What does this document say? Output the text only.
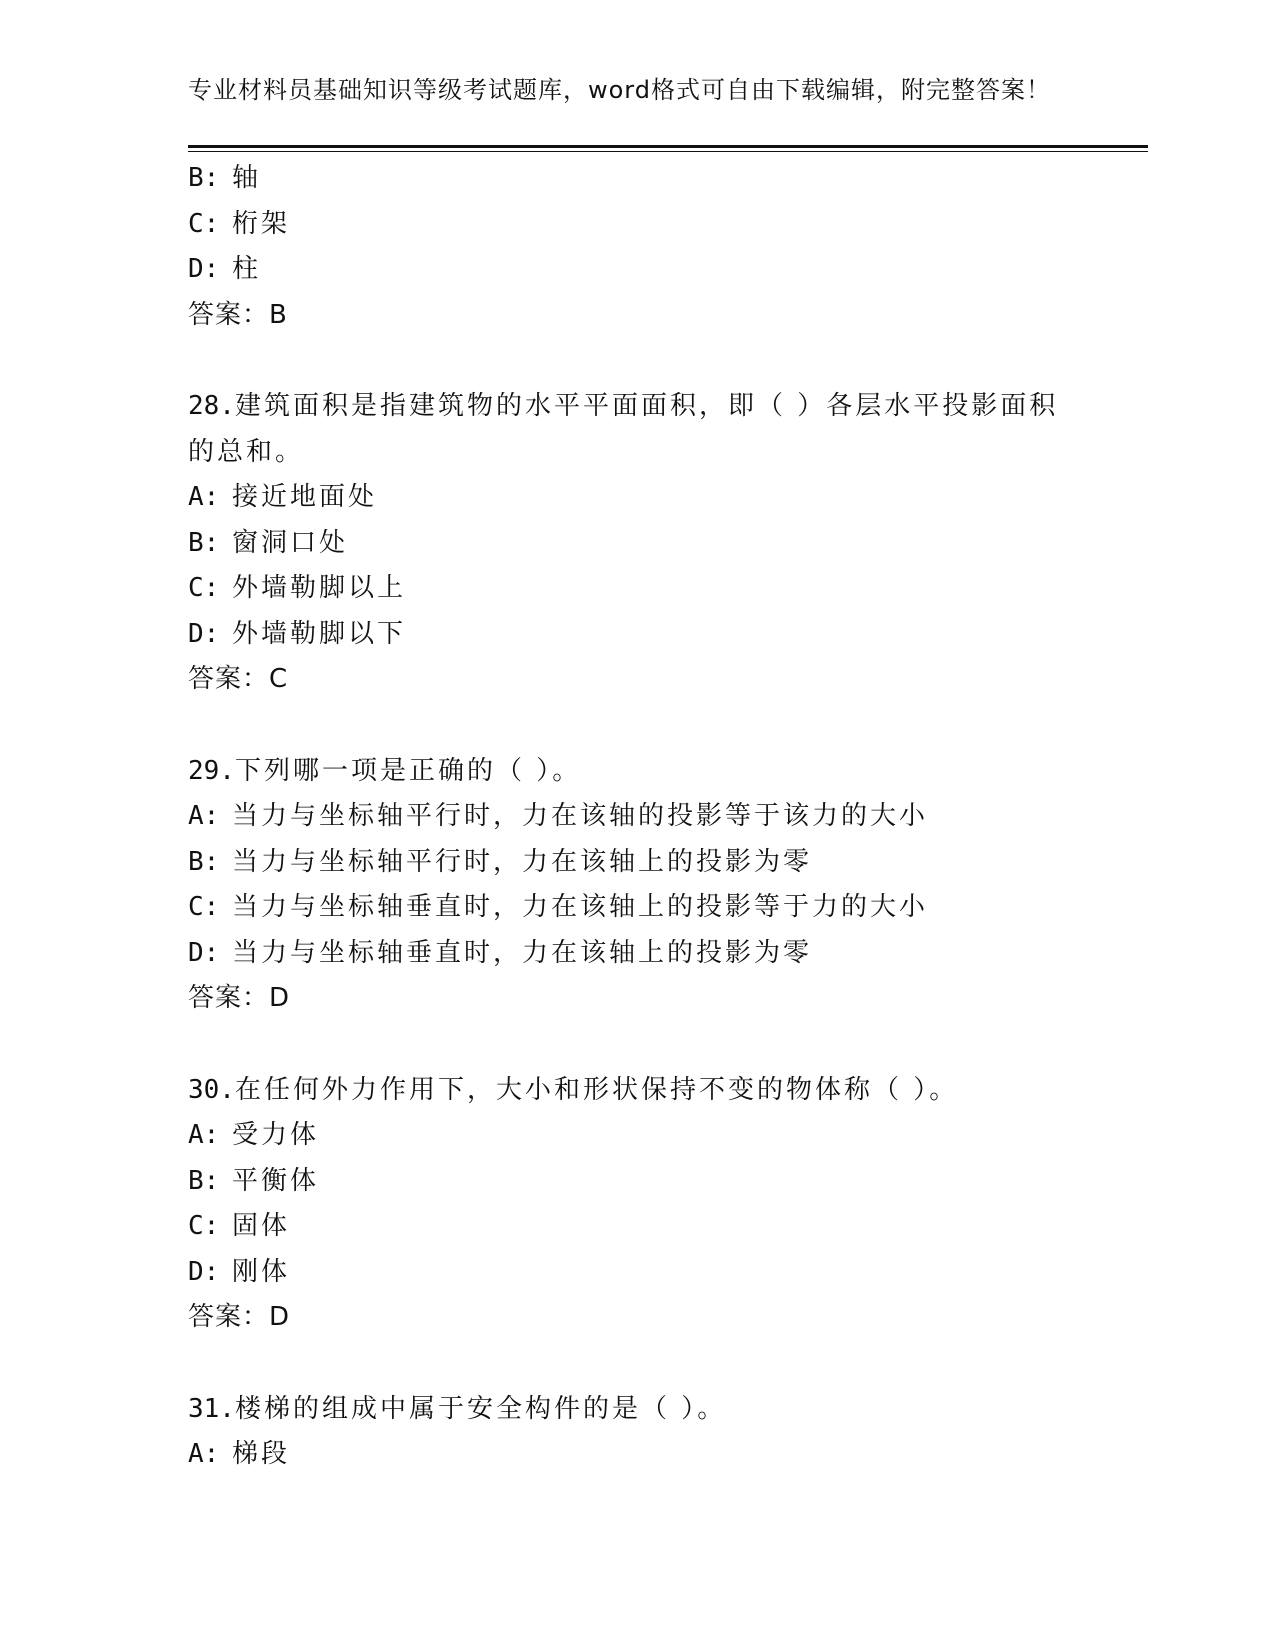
专业材料员基础知识等级考试题库，word格式可自由下载编辑，附完整答案！
B: 轴
C: 桁架
D: 柱
答案：B
28.建筑面积是指建筑物的水平平面面积，即（ ）各层水平投影面积
的总和。
A: 接近地面处
B: 窗洞口处
C: 外墙勒脚以上
D: 外墙勒脚以下
答案：C
29.下列哪一项是正确的（ ）。
A: 当力与坐标轴平行时，力在该轴的投影等于该力的大小
B: 当力与坐标轴平行时，力在该轴上的投影为零
C: 当力与坐标轴垂直时，力在该轴上的投影等于力的大小
D: 当力与坐标轴垂直时，力在该轴上的投影为零
答案：D
30.在任何外力作用下，大小和形状保持不变的物体称（ ）。
A: 受力体
B: 平衡体
C: 固体
D: 刚体
答案：D
31.楼梯的组成中属于安全构件的是（ ）。
A: 梯段
